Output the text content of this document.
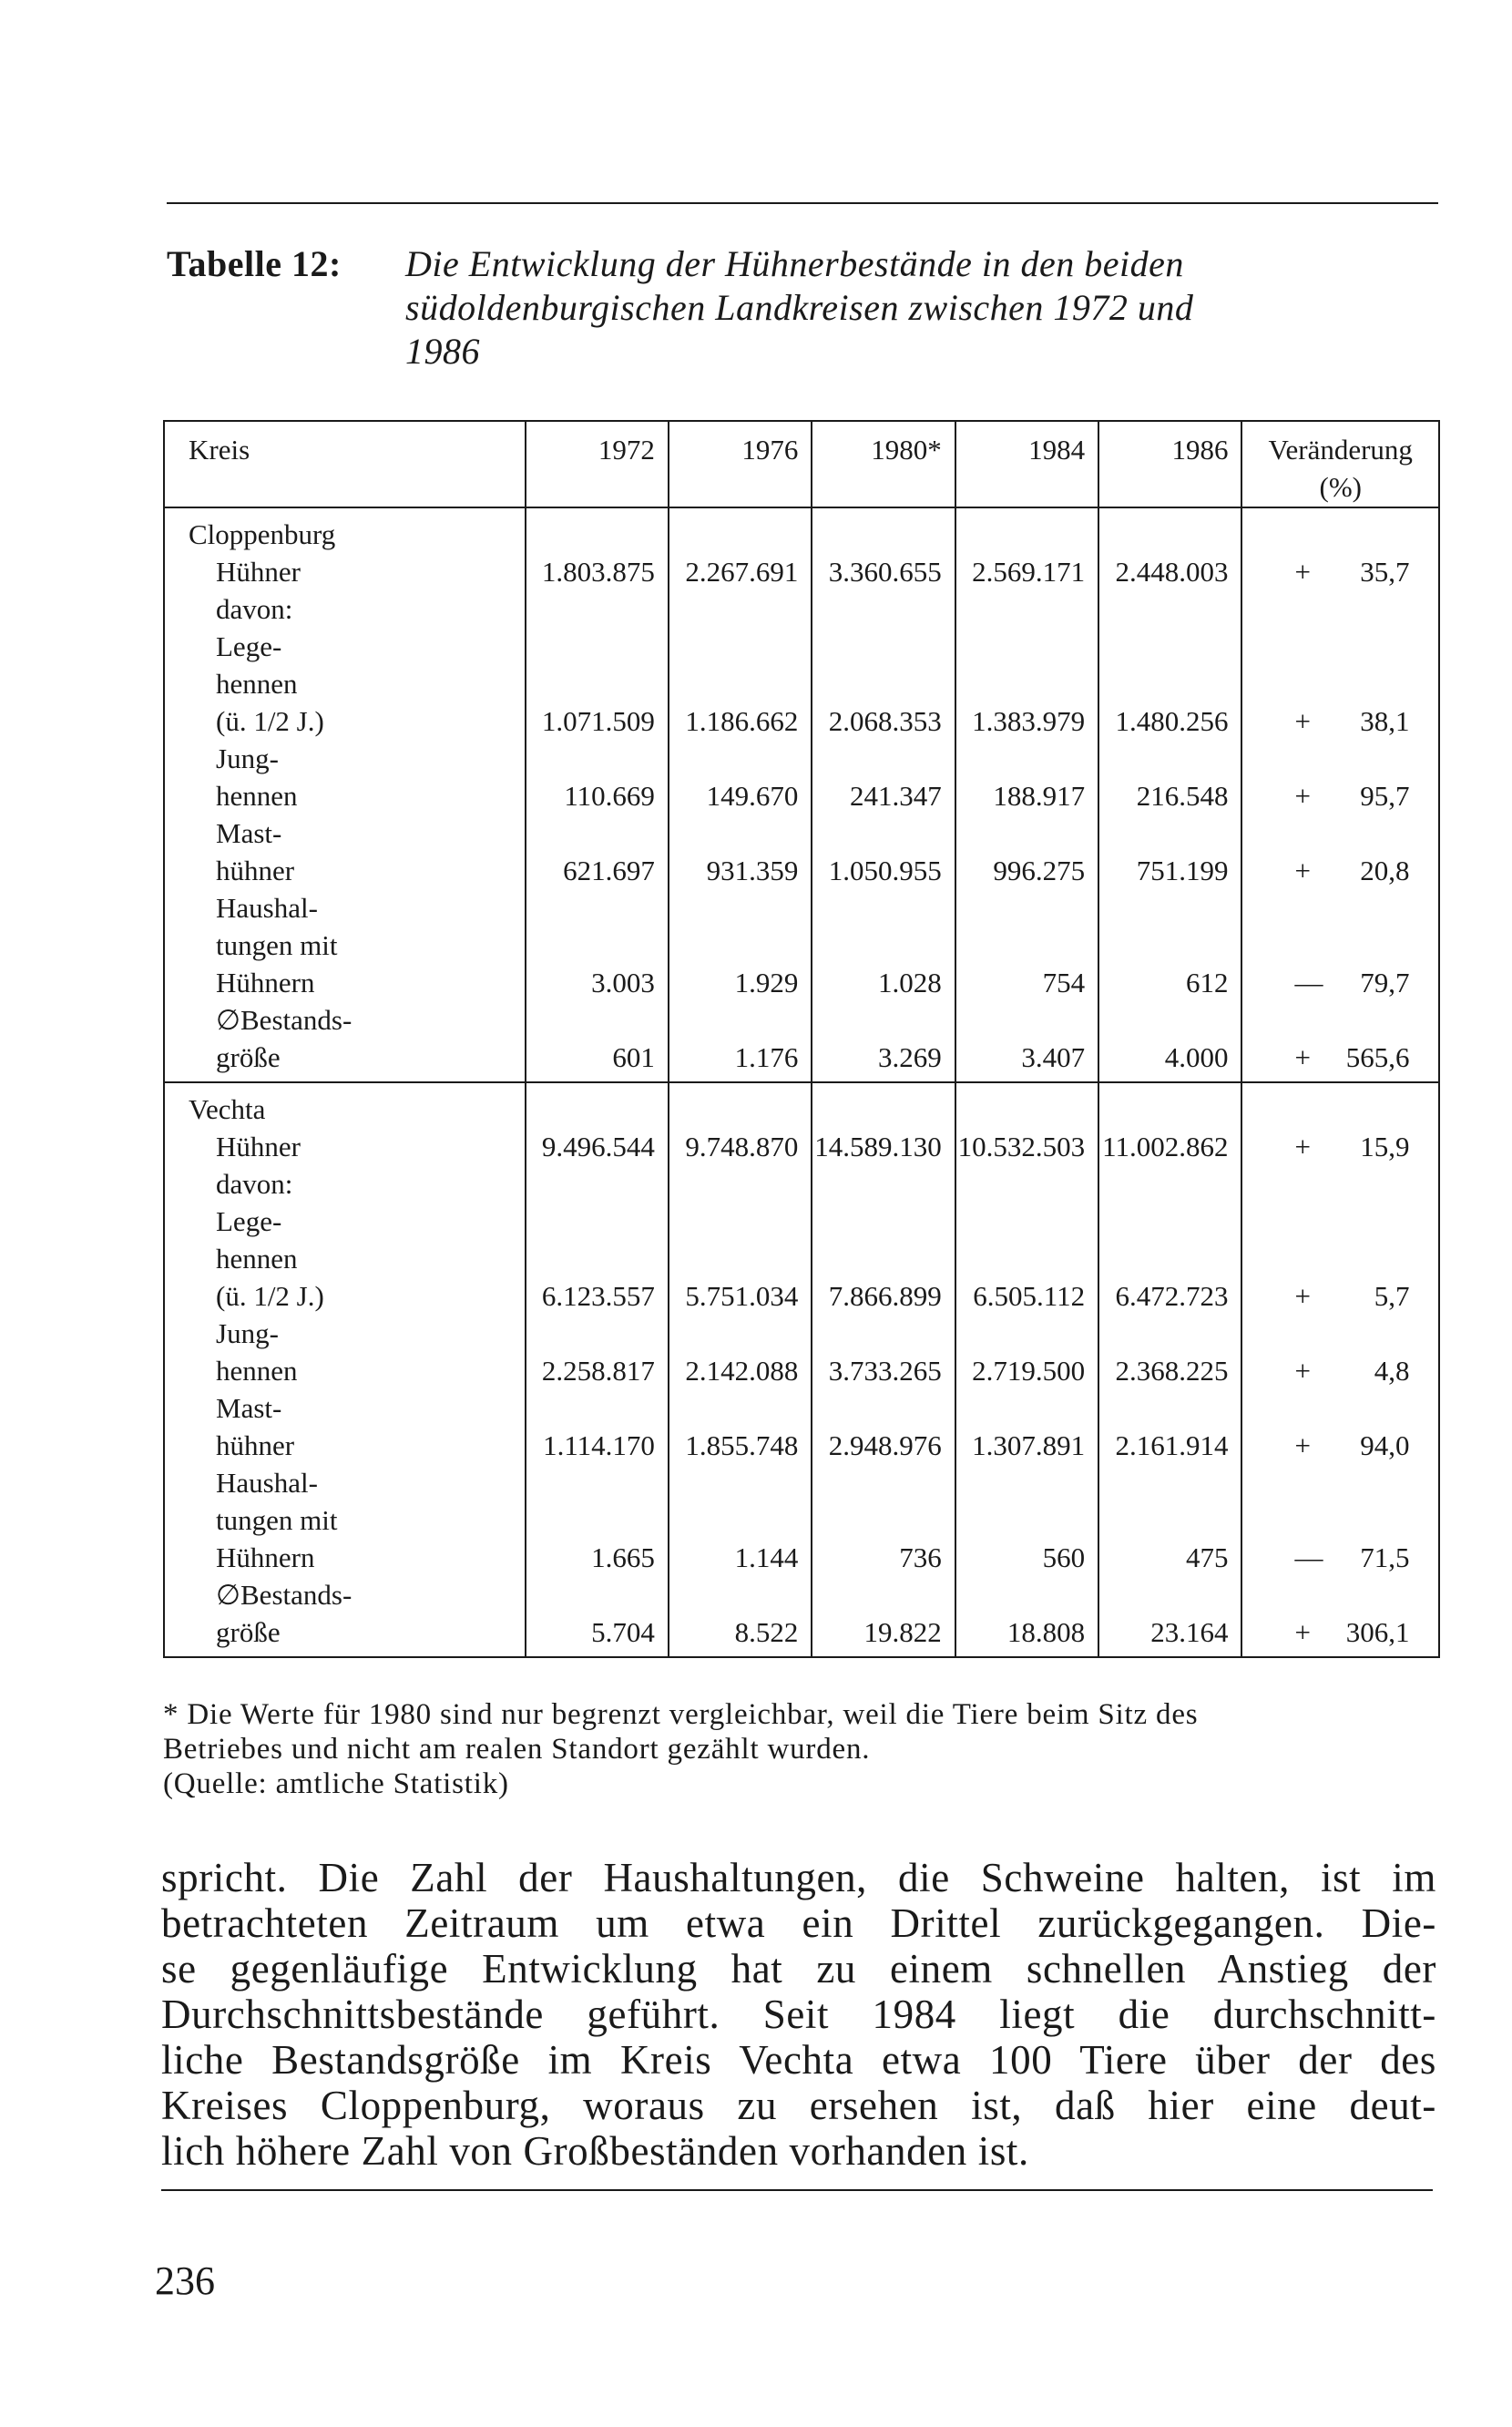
Tabelle 12: Die Entwicklung der Hühnerbestände in den beiden
südoldenburgischen Landkreisen zwischen 1972 und
1986
Kreis	1972	1976	1980*	1984	1986	Veränderung
(%)

Cloppenburg
Hühner	1.803.875	2.267.691	3.360.655	2.569.171	2.448.003	+ 35,7

davon:
Lege-
hennen
(ü. 1/2 J.)	1.071.509	1.186.662	2.068.353	1.383.979	1.480.256	+ 38,1

Jung-
hennen	110.669	149.670	241.347	188.917	216.548	+ 95,7

Mast-
hühner	621.697	931.359	1.050.955	996.275	751.199	+ 20,8

Haushal-
tungen mit
Hühnern	3.003	1.929	1.028	754	612	— 79,7

∅Bestands-
größe	601	1.176	3.269	3.407	4.000	+ 565,6

Vechta
Hühner	9.496.544	9.748.870	14.589.130	10.532.503	11.002.862	+ 15,9

davon:
Lege-
hennen
(ü. 1/2 J.)	6.123.557	5.751.034	7.866.899	6.505.112	6.472.723	+ 5,7

Jung-
hennen	2.258.817	2.142.088	3.733.265	2.719.500	2.368.225	+ 4,8

Mast-
hühner	1.114.170	1.855.748	2.948.976	1.307.891	2.161.914	+ 94,0

Haushal-
tungen mit
Hühnern	1.665	1.144	736	560	475	— 71,5

∅Bestands-
größe	5.704	8.522	19.822	18.808	23.164	+ 306,1
* Die Werte für 1980 sind nur begrenzt vergleichbar, weil die Tiere beim Sitz des
Betriebes und nicht am realen Standort gezählt wurden.
(Quelle: amtliche Statistik)
spricht. Die Zahl der Haushaltungen, die Schweine halten, ist im
betrachteten Zeitraum um etwa ein Drittel zurückgegangen. Die-
se gegenläufige Entwicklung hat zu einem schnellen Anstieg der
Durchschnittsbestände geführt. Seit 1984 liegt die durchschnitt-
liche Bestandsgröße im Kreis Vechta etwa 100 Tiere über der des
Kreises Cloppenburg, woraus zu ersehen ist, daß hier eine deut-
lich höhere Zahl von Großbeständen vorhanden ist.
236
